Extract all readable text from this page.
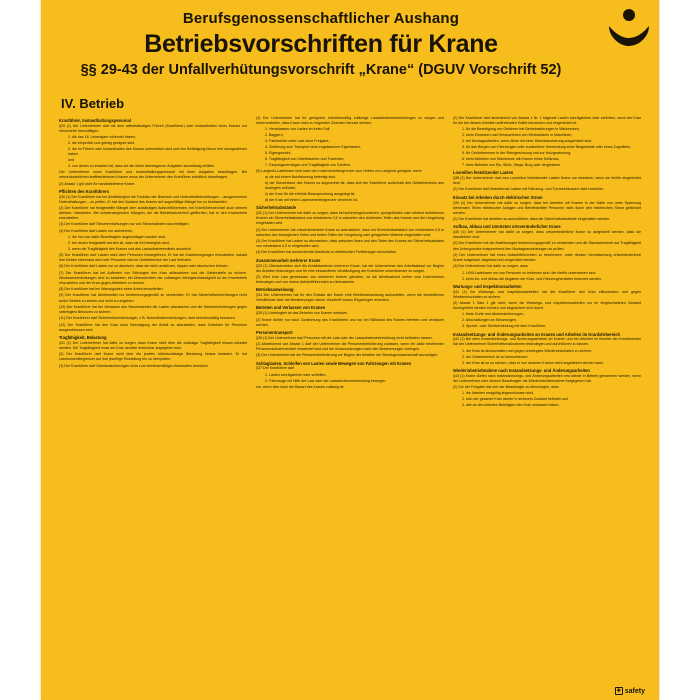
Berufsgenossenschaftlicher Aushang
Betriebsvorschriften für Krane
§§ 29-43 der Unfallverhütungsvorschrift „Krane“ (DGUV Vorschrift 52)
IV. Betrieb
Kranführer, Instandhaltungspersonal
§29 (1) Der Unternehmer darf mit dem selbstständigen Führen (Kranführer) oder Instandhalten eines Kranes nur Versicherte beschäftigen,
1. die das 18. Lebensjahr vollendet haben,
2. die körperlich und geistig geeignet sind,
3. die im Führen oder Instandhalten des Kranes unterwiesen sind und ihre Befähigung hierzu ihm nachgewiesen haben
und
4. von denen zu erwarten ist, dass sie die ihnen übertragenen Aufgaben zuverlässig erfüllen.
Der Unternehmer muss Kranführer und Instandhaltungspersonal mit ihren Aufgaben beauftragen. Bei ortsveränderlichen kraftbetriebenen Kranen muss der Unternehmer den Kranführer schriftlich beauftragen.
(2) Absatz 1 gilt nicht für handbetriebene Krane.
Pflichten des Kranführers
§30 (1) Der Kranführer hat bei Arbeitsbeginn die Funktion der Bremsen und Notendhalteinrichtungen – ausgenommen Notendhaltungen – zu prüfen. Er hat den Zustand des Kranes auf augenfällige Mängel hin zu beobachten.
(2) Der Kranführer hat festgestellte Mängel dem zuständigen Aufsichtführenden, bei Kranführerwechsel auch seinem Ablöser, mitzuteilen. Bei schwerwiegenden Mängeln, die die Betriebssicherheit gefährden, hat er den Kranbetrieb einzustellen.
(3) Der Kranführer darf Steuereinrichtungen nur von Steuerständen aus betätigen.
(4) Der Kranführer darf Lasten nur aufnehmen,
1. die ihm von dafür Beauftragten angeschlagen worden sind,
2. bei denen festgestellt worden ist, dass sie frei beweglich sind,
3. wenn die Tragfähigkeit des Kranes und des Lastaufnahmemittels ausreicht.
(5) Der Kranführer darf Lasten nicht über Personen hinwegführen. Er hat die Kranbewegungen einzustellen, sobald ihm Gefahr erkennbar wird oder Personen sich im Gefahrbereich der Last befinden.
(6) Der Kranführer darf Lasten nur so absetzen, dass sie nicht umstürzen, kippen oder abrutschen können.
(7) Der Kranführer hat bei Auftreten von Störungen den Kran stillzusetzen und die Gefahrstelle zu sichern. Windwarneinrichtungen sind zu beachten; bei Überschreiten der zulässigen Windgeschwindigkeit ist der Kranbetrieb einzustellen und der Kran gegen Abtreiben zu sichern.
(8) Der Kranführer hat bei Warnsignalen seine Arbeit einzustellen.
(9) Der Kranführer hat Arbeitsmittel nur bestimmungsgemäß zu verwenden. Er hat Sicherheitseinrichtungen nicht außer Betrieb zu setzen und nicht zu umgehen.
(10) Der Kranführer hat bei Verlassen des Steuerstandes die Lasten abzusetzen und die Steuereinrichtungen gegen unbefugtes Benutzen zu sichern.
(11) Der Kranführer darf Sicherheitseinrichtungen, z.B. Notendhalteinrichtungen, nicht betriebsmäßig benutzen.
(12) Der Kranführer hat den Kran nach Beendigung der Arbeit so abzustellen, dass Gefahren für Personen ausgeschlossen sind.
Tragfähigkeit, Belastung
§31 (1) Der Unternehmer hat dafür zu sorgen, dass Krane nicht über die zulässige Tragfähigkeit hinaus belastet werden. Die Tragfähigkeit muss am Kran deutlich erkennbar angegeben sein.
(2) Der Kranführer darf Krane nicht über die jeweils höchstzulässige Belastung hinaus belasten. Er hat Lastmomentbegrenzer auf ihre jeweilige Einstellung hin zu überprüfen.
(3) Der Kranführer darf Überlastsicherungen nicht zum betriebsmäßigen Abschalten benutzen.
(4) Der Unternehmer hat für geeignete, betriebsmäßig zulässige Lastaufnahmeeinrichtungen zu sorgen und sicherzustellen, dass Krane nicht zu folgenden Zwecken benutzt werden:
1. Herablassen von Lasten im freien Fall,
2. Baggern,
3. Fahrbetrieb unter Last ohne Freigabe,
4. Zuführung zum Transport nicht zugelassener Eigenlasten,
5. Eigengewicht,
6. Tragfähigkeit von Unterflaschen und Traversen,
7. Fassungsvermögen und Tragfähigkeit von Greifern.
(5) Langholz-Ladekrane sind nach den Lastmomentbegrenzer zum Heben von Langholz geeignet, wenn
a) sie auf einem Nutzfahrzeug befestigt sind,
b) der Steuerstand des Kranes so angeordnet ist, dass sich der Kranführer außerhalb des Gefahrbereichs des Auslegers befindet,
c) der Kran für die erhöhte Beanspruchung ausgelegt ist,
d) der Kran mit einem Lastmomentbegrenzer versehen ist.
Sicherheitsabstände
§32 (1) Der Unternehmer hat dafür zu sorgen, dass bei schienengebundenen, spurgeführten oder ortsfest betriebenen Kranen ein Sicherheitsabstand von mindestens 0,5 m zwischen den äußersten Teilen des Kranes und der Umgebung eingehalten wird.
(2) Der Unternehmer hat ortsveränderliche Krane so aufzustellen, dass ein Sicherheitsabstand von mindestens 0,5 m zwischen den beweglichen Teilen und festen Teilen der Umgebung oder gelagertem Material eingehalten wird.
(3) Der Kranführer hat Lasten so abzusetzen, dass zwischen ihnen und den Teilen des Kranes ein Sicherheitsabstand von mindestens 0,5 m eingehalten wird.
(4) Der Kranführer hat ausreichende Abstände zu elektrischen Freileitungen einzuhalten.
Zusammenarbeit mehrerer Krane
§33 (1) Überschneiden sich die Arbeitsbereiche mehrerer Krane, hat der Unternehmer den Arbeitsablauf vor Beginn der Arbeiten festzulegen und für eine einwandfreie Verständigung der Kranführer untereinander zu sorgen.
(2) Wird eine Last gemeinsam von mehreren Kranen gehoben, ist die Arbeitsablauf vorher vom Unternehmer festzulegen und von einem Aufsichtführenden zu überwachen.
Betriebsanweisung
§34 Der Unternehmer hat für den Einsatz der Krane eine Betriebsanweisung aufzustellen, wenn die betrieblichen Verhältnisse über die Bestimmungen dieser Vorschrift hinaus Regelungen erfordern.
Betreten und Verlassen von Kranen
§35 (1) Unbefugten ist das Betreten von Kranen verboten.
(2) Krane dürfen nur nach Zustimmung des Kranführers und nur bei Stillstand des Kranes betreten und verlassen werden.
Personentransport
§36 (1) Der Unternehmer darf Personen mit der Last oder der Lastaufnahmeeinrichtung nicht befördern lassen.
(2) Abweichend von Absatz 1 darf der Unternehmer die Personenbeförderung zulassen, wenn ein dafür bestimmter Personenaufnahmemittel verwendet wird und die Voraussetzungen nach den Bestimmungen vorliegen.
(3) Der Unternehmer hat die Personenbeförderung vor Beginn der Arbeiten der Berufsgenossenschaft anzuzeigen.
Schlaglasten, Schleifen von Lasten sowie Bewegen von Fahrzeugen mit Kranen
§37 Der Kranführer darf
1. Lasten schrägziehen oder schleifen,
2. Fahrzeuge mit Hilfe der Last oder der Lastaufnahmeeinrichtung bewegen
nur, wenn dies nach der Bauart des Kranes zulässig ist.
(2) Der Kranführer darf abweichend von Absatz 1 Nr. 1 folgende Lasten schrägziehen oder schleifen, wenn der Kran für die bei diesem Arbeiten auftretenden Kräfte bemessen und eingerichtet ist:
1. für die Beseitigung von Gefahren bei Betriebsstörungen in Walzwerken,
2. beim Einsetzen und Herausziehen von Werkstücken in Maschinen,
3. bei Montagearbeiten, wenn diese mit einer Überlastsicherung ausgerüstet sind,
4. für das Bergen von Fahrzeugen oder zusätzlicher Verwendung einer Bergewinde oder eines Zugmittels,
5. für Gerüstbrennen in der Steingewinnung und zur Holzgewinnung,
6. beim Abheben von Stammholz mit Kranen eines Seilkrans,
7. beim Befreien von Eis, Strüh, Stega, Burg oder dergleichen.
Losreißen festsitzender Lasten
§38 (1) Der Unternehmer darf zum Losreißen festsitzender Lasten Krane nur einsetzen, wenn sie hierfür eingerichtet sind.
(2) Der Kranführer darf festsitzende Lasten mit Fahrzeug- und Turmdrehkranen nicht losreißen.
Einsatz bei Arbeiten durch elektrischen Strom
§39 (1) Der Unternehmer hat dafür zu sorgen, dass bei Arbeiten mit Kranen in der Nähe von unter Spannung stehenden Teilen elektrischer Anlagen und Betriebsmittel Personen nicht durch den elektrischen Strom gefährdet werden.
(2) Der Kranführer hat Arbeiten so auszuführen, dass die Sicherheitsabstände eingehalten werden.
Aufbau, Abbau und Umrüsten ortsveränderlicher Krane
§40 (1) Der Unternehmer hat dafür zu sorgen, dass ortsveränderliche Krane so aufgestellt werden, dass sie standsicher sind.
(2) Der Kranführer hat die Abstützungen bestimmungsgemäß zu verwenden und die Standsicherheit auf Tragfähigkeit des Untergrundes entsprechend den Montageanweisungen zu prüfen.
(3) Der Unternehmer hat einen Aufsichtführenden zu bestimmen, unter dessen Verantwortung ortsveränderliche Krane aufgebaut, abgebaut und umgerüstet werden.
(4) Der Unternehmer hat dafür zu sorgen, dass
1. LKW-Ladekrane nur von Personen zu bedienen sind, die hierfür unterwiesen sind,
2. beim An- und Abbau die Angaben der Kran- und Fahrzeughersteller beachtet werden.
Wartungs- und Inspektionsarbeiten
§41 (1) Vor Wartungs- und Inspektionsarbeiten hat der Kranführer den Kran stillzusetzen und gegen Wiedereinschalten zu sichern.
(2) Absatz 1 Satz 1 gilt nicht, wenn die Wartungs- und Inspektionsarbeiten nur im eingeschalteten Zustand durchgeführt werden können und abgesichert sind durch:
1. feste Gurte und Absturzsicherungen,
2. Abschaltungen an Steuerungen,
3. Sprech- oder Sichtverbindung mit dem Kranführer.
Instandsetzungs- und Änderungsarbeiten an Kranen und Arbeiten im Kranfahrbereich
§42 (1) Bei allen Instandsetzungs- und Änderungsarbeiten an Kranen und bei Arbeiten im Bereich der Kranfahrbahn hat der Unternehmer Sicherheitsmaßnahmen festzulegen und durchführen zu lassen.
1. der Kran ist abzuschalten und gegen unbefugtes Wiedereinschalten zu sichern,
2. der Gefahrbereich ist zu kennzeichnen,
3. der Kran ist so zu sichern, dass er von anderen Kranen nicht angefahren werden kann.
Wiederinbetriebnahme nach Instandsetzungs- und Änderungsarbeiten
§43 (1) Krane dürfen nach Instandsetzungs- und Änderungsarbeiten erst wieder in Betrieb genommen werden, wenn der Unternehmer oder dessen Beauftragter die Wiederinbetriebnahme freigegeben hat.
(2) Vor der Freigabe hat sich der Beauftragte zu überzeugen, dass
1. die Arbeiten endgültig abgeschlossen sind,
2. sich der gesamte Kran wieder in sicherem Zustand befindet und
3. alle an den Arbeiten Beteiligten den Kran verlassen haben.
✚ safety
